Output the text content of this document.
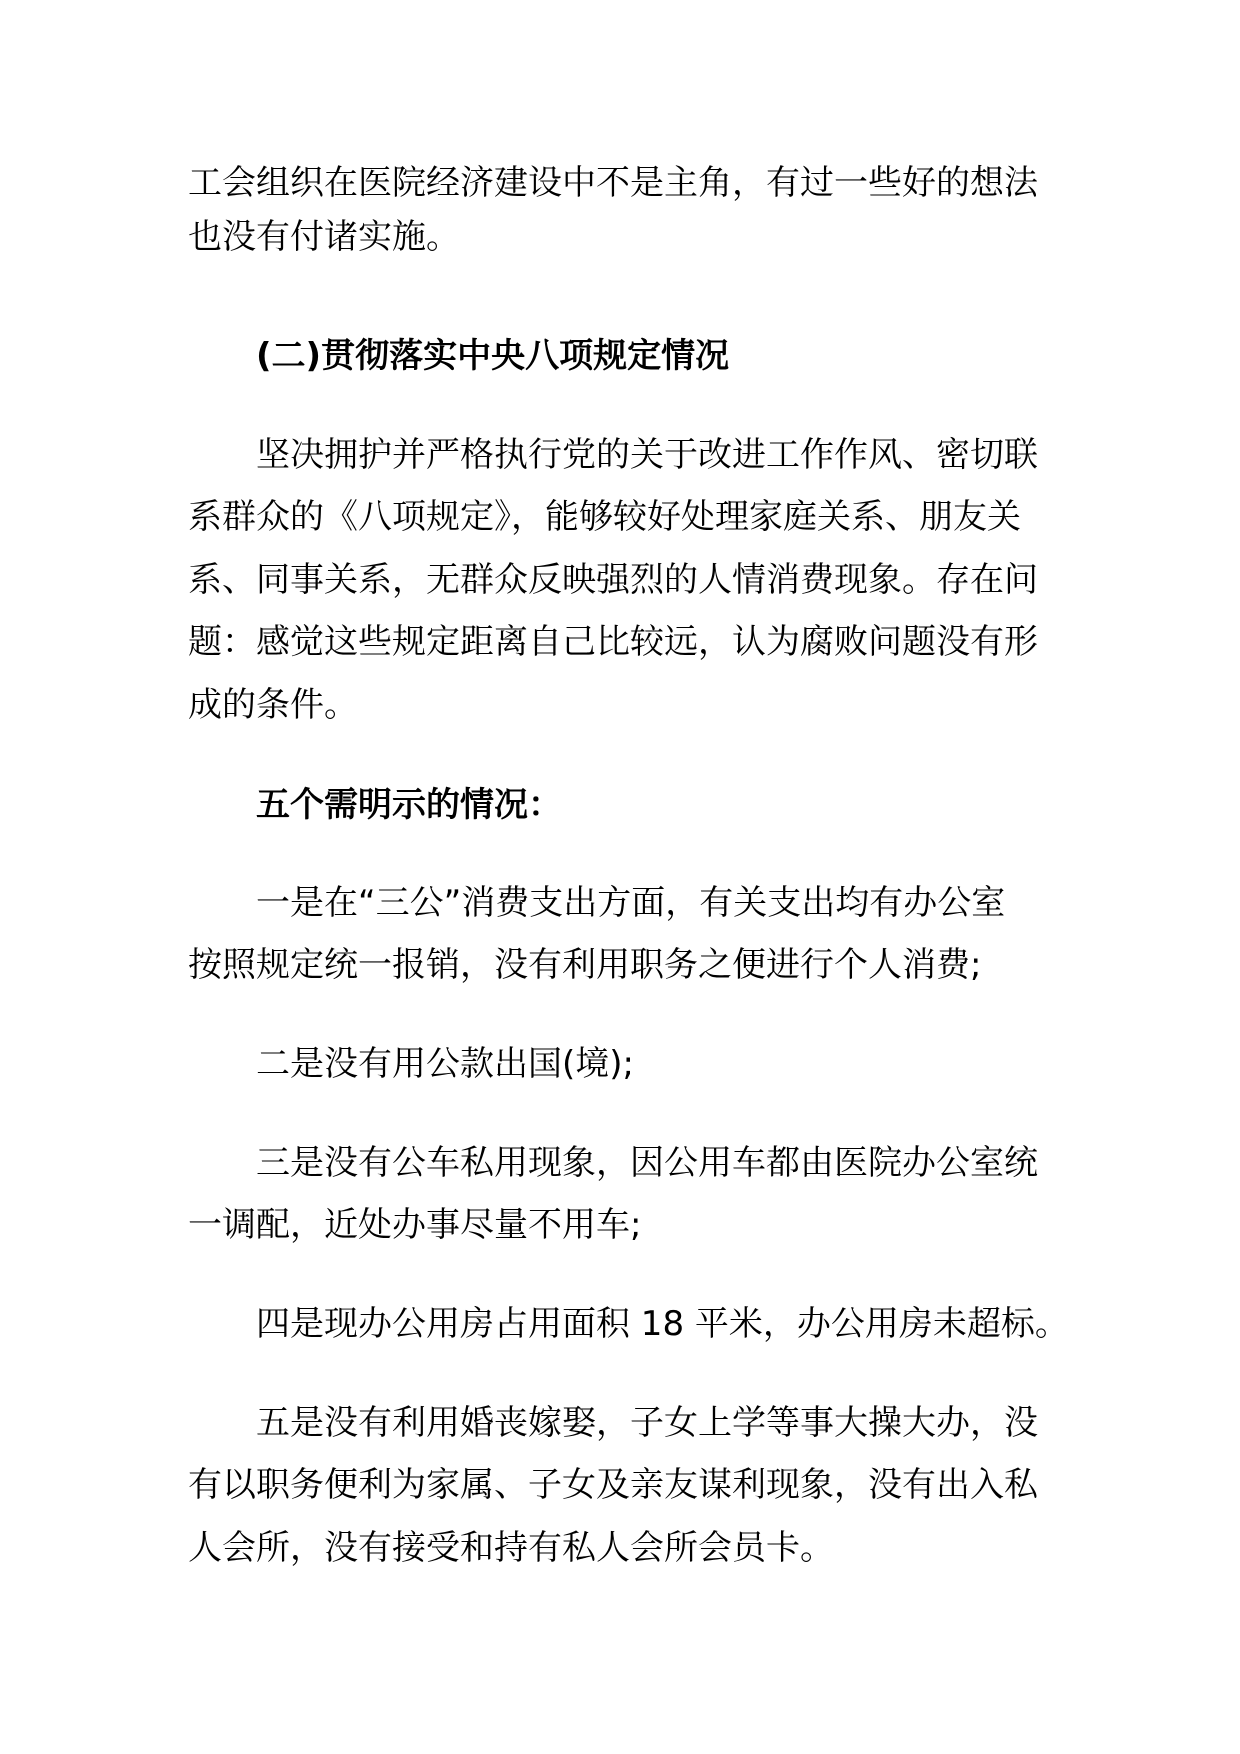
工会组织在医院经济建设中不是主角，有过一些好的想法
也没有付诸实施。
(二)贯彻落实中央八项规定情况
坚决拥护并严格执行党的关于改进工作作风、密切联
系群众的《八项规定》，能够较好处理家庭关系、朋友关
系、同事关系，无群众反映强烈的人情消费现象。存在问
题：感觉这些规定距离自己比较远，认为腐败问题没有形
成的条件。
五个需明示的情况：
一是在“三公”消费支出方面，有关支出均有办公室
按照规定统一报销，没有利用职务之便进行个人消费;
二是没有用公款出国(境);
三是没有公车私用现象，因公用车都由医院办公室统
一调配，近处办事尽量不用车;
四是现办公用房占用面积 18 平米，办公用房未超标。
五是没有利用婚丧嫁娶，子女上学等事大操大办，没
有以职务便利为家属、子女及亲友谋利现象，没有出入私
人会所，没有接受和持有私人会所会员卡。
